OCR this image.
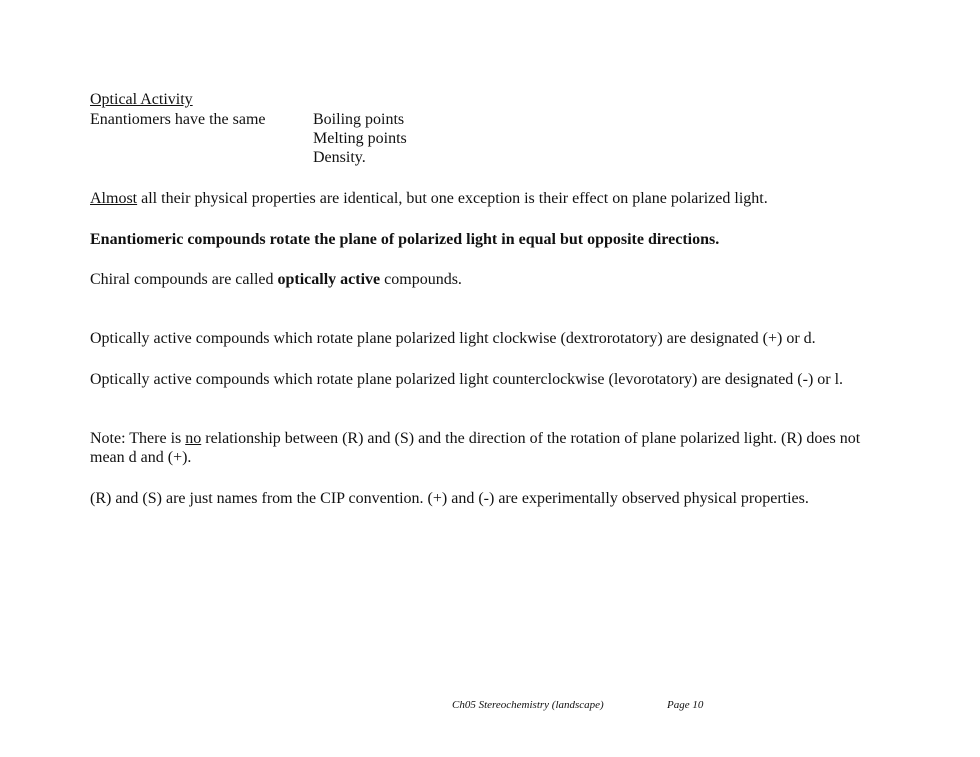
Optical Activity
Enantiomers have the same	Boiling points
Melting points
Density.
Almost all their physical properties are identical, but one exception is their effect on plane polarized light.
Enantiomeric compounds rotate the plane of polarized light in equal but opposite directions.
Chiral compounds are called optically active compounds.
Optically active compounds which rotate plane polarized light clockwise (dextrorotatory) are designated (+) or d.
Optically active compounds which rotate plane polarized light counterclockwise (levorotatory) are designated (-) or l.
Note: There is no relationship between (R) and (S) and the direction of the rotation of plane polarized light. (R) does not mean d and (+).
(R) and (S) are just names from the CIP convention. (+) and (-) are experimentally observed physical properties.
Ch05 Stereochemistry (landscape)	Page 10
